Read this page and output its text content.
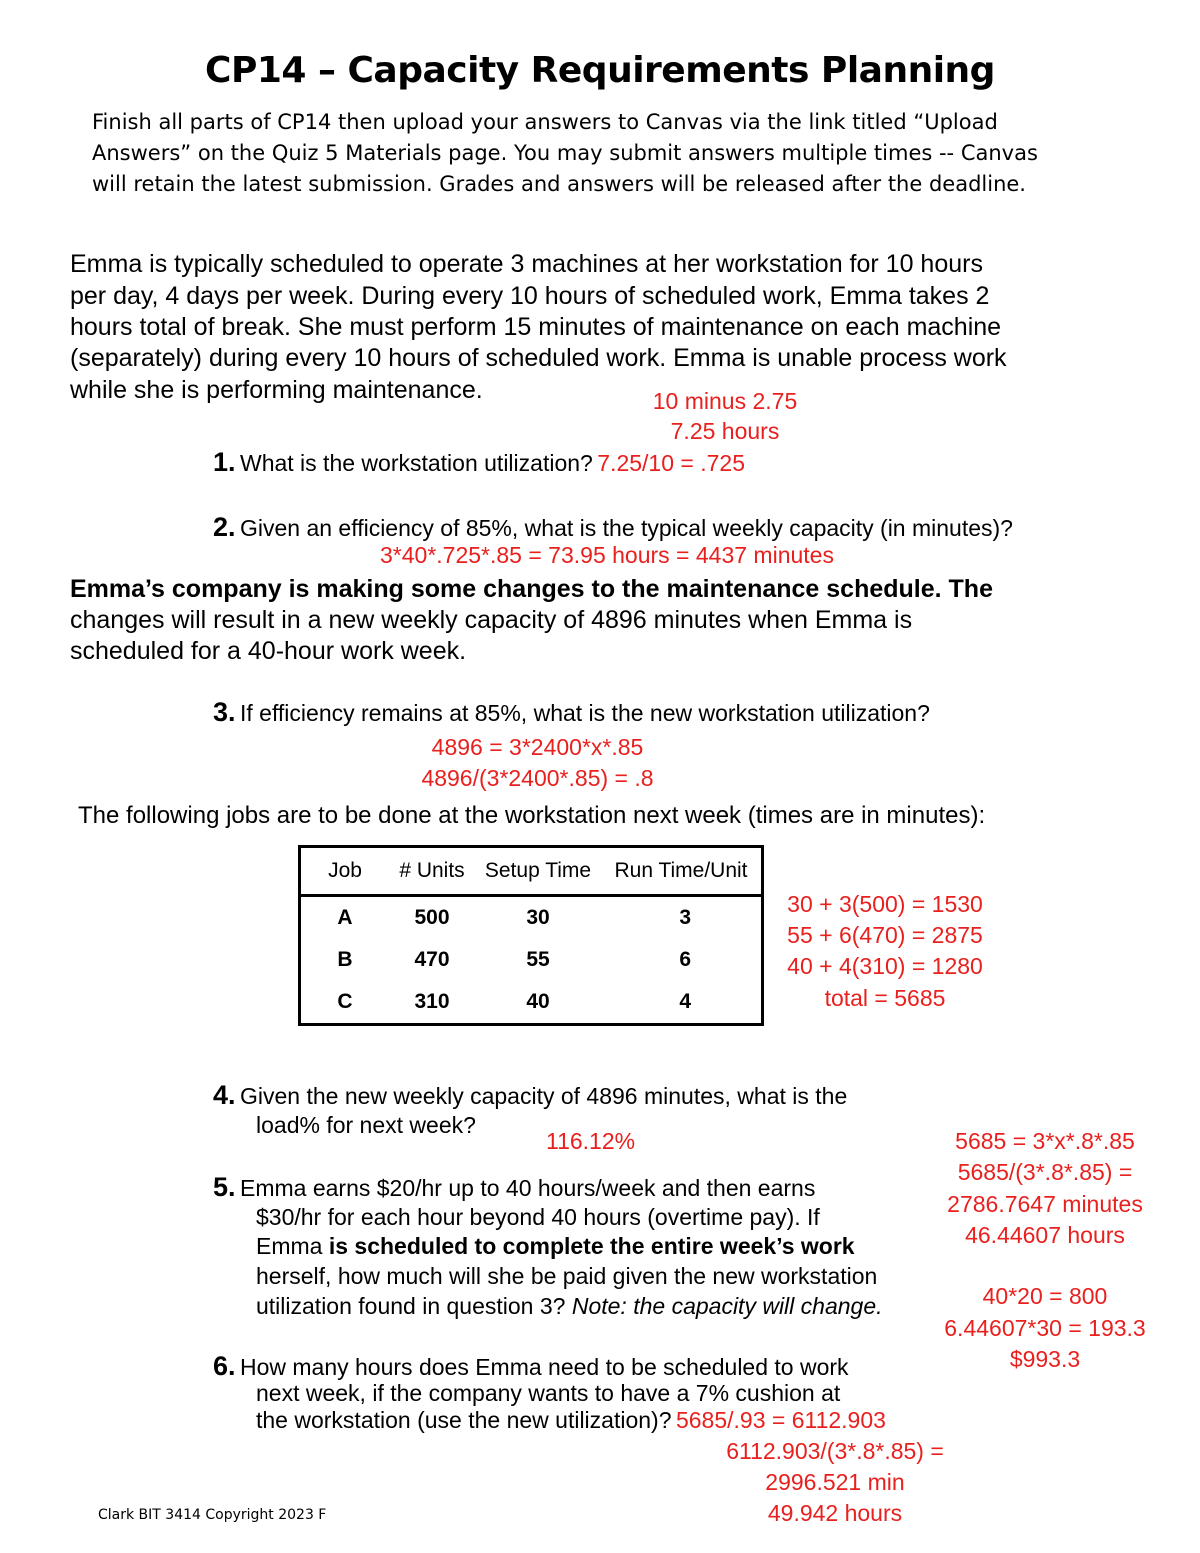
CP14 – Capacity Requirements Planning
Finish all parts of CP14 then upload your answers to Canvas via the link titled “Upload
Answers” on the Quiz 5 Materials page. You may submit answers multiple times -- Canvas
will retain the latest submission. Grades and answers will be released after the deadline.
Emma is typically scheduled to operate 3 machines at her workstation for 10 hours
per day, 4 days per week. During every 10 hours of scheduled work, Emma takes 2
hours total of break. She must perform 15 minutes of maintenance on each machine
(separately) during every 10 hours of scheduled work. Emma is unable process work
while she is performing maintenance.	10 minus 2.75
7.25 hours
1. What is the workstation utilization? 7.25/10 = .725
2. Given an efficiency of 85%, what is the typical weekly capacity (in minutes)?
3*40*.725*.85 = 73.95 hours = 4437 minutes
Emma’s company is making some changes to the maintenance schedule. The
changes will result in a new weekly capacity of 4896 minutes when Emma is
scheduled for a 40-hour work week.
3. If efficiency remains at 85%, what is the new workstation utilization?
4896 = 3*2400*x*.85
4896/(3*2400*.85) = .8
The following jobs are to be done at the workstation next week (times are in minutes):
Job	# Units	Setup Time	Run Time/Unit
A	500	30	3
B	470	55	6
C	310	40	4
30 + 3(500) = 1530
55 + 6(470) = 2875
40 + 4(310) = 1280
total = 5685
4. Given the new weekly capacity of 4896 minutes, what is the
load% for next week?
116.12%
5. Emma earns $20/hr up to 40 hours/week and then earns
$30/hr for each hour beyond 40 hours (overtime pay). If
Emma is scheduled to complete the entire week’s work
herself, how much will she be paid given the new workstation
utilization found in question 3? Note: the capacity will change.
5685 = 3*x*.8*.85
5685/(3*.8*.85) =
2786.7647 minutes
46.44607 hours
40*20 = 800
6.44607*30 = 193.3
$993.3
6. How many hours does Emma need to be scheduled to work
next week, if the company wants to have a 7% cushion at
the workstation (use the new utilization)? 5685/.93 = 6112.903
6112.903/(3*.8*.85) =
2996.521 min
49.942 hours
Clark BIT 3414 Copyright 2023 F
